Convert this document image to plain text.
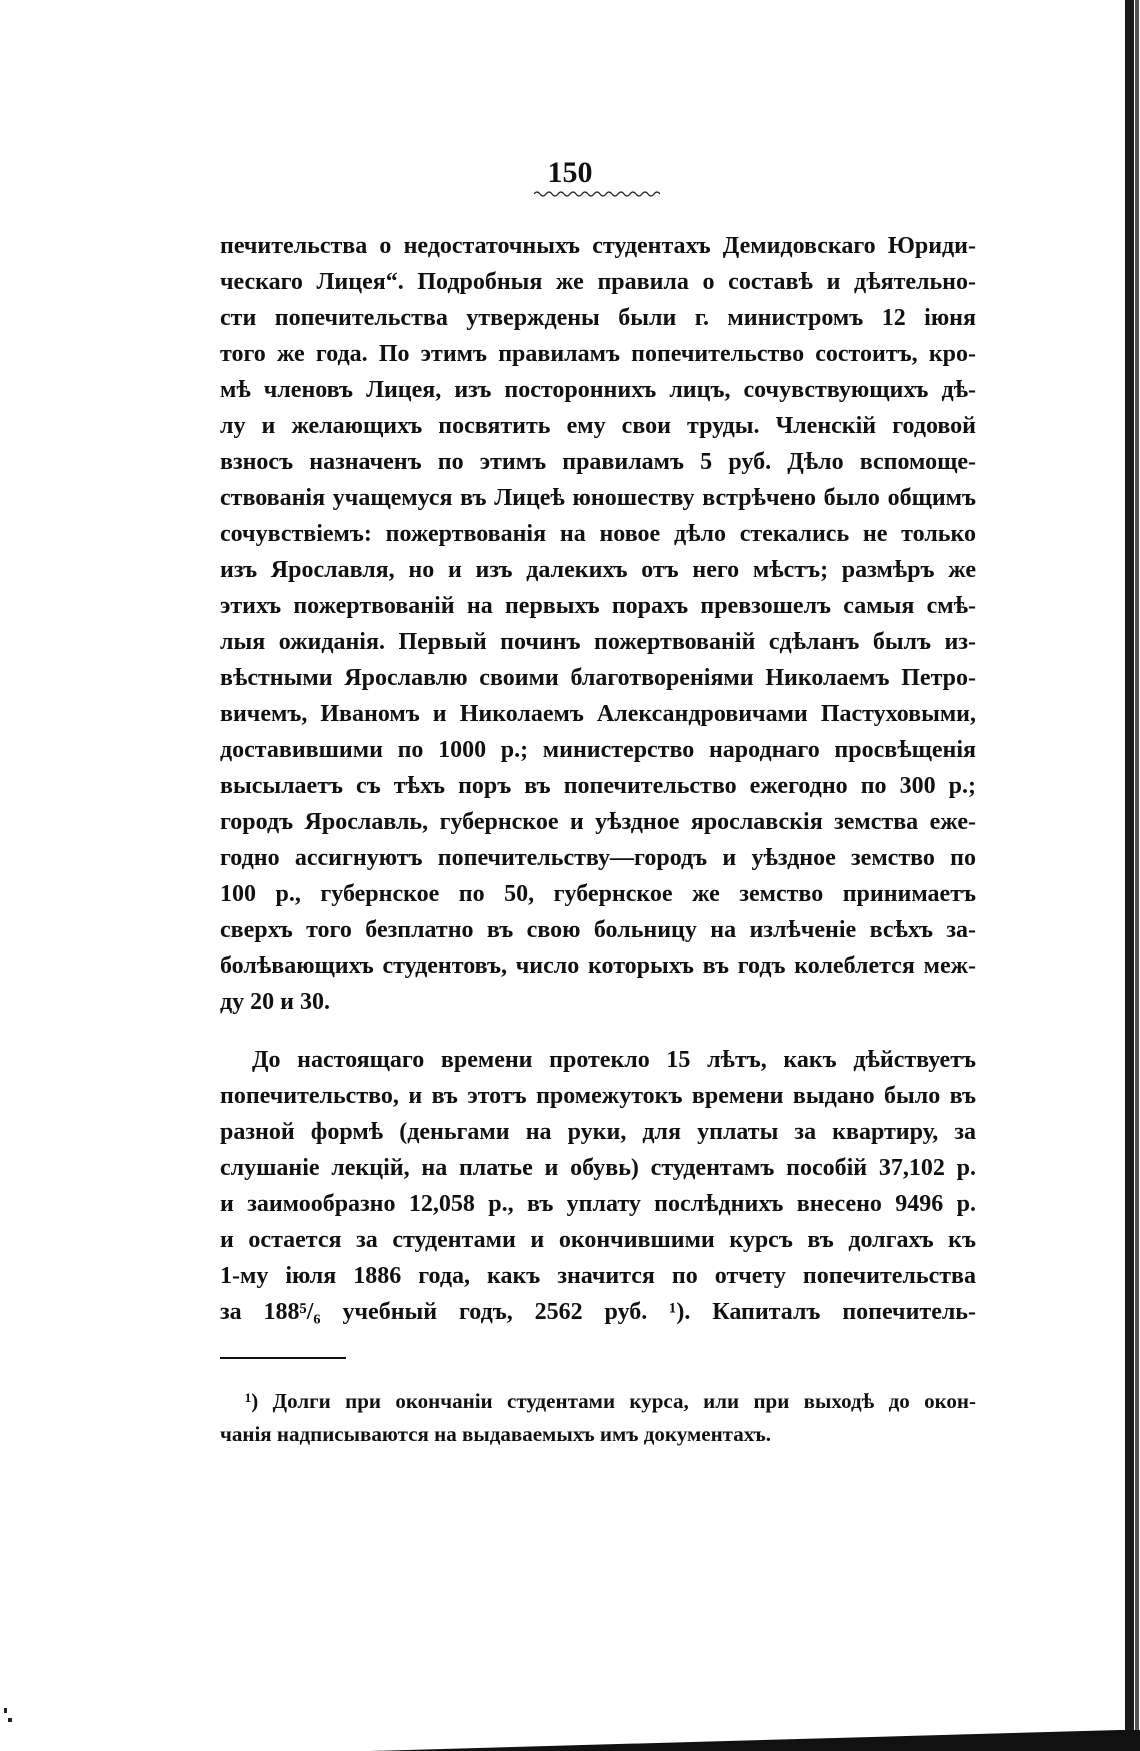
150
печительства о недостаточныхъ студентахъ Демидовскаго Юриди-
ческаго Лицея“. Подробныя же правила о составѣ и дѣятельно-
сти попечительства утверждены были г. министромъ 12 іюня
того же года. По этимъ правиламъ попечительство состоитъ, кро-
мѣ членовъ Лицея, изъ постороннихъ лицъ, сочувствующихъ дѣ-
лу и желающихъ посвятить ему свои труды. Членскій годовой
взносъ назначенъ по этимъ правиламъ 5 руб. Дѣло вспомоще-
ствованія учащемуся въ Лицеѣ юношеству встрѣчено было общимъ
сочувствіемъ: пожертвованія на новое дѣло стекались не только
изъ Ярославля, но и изъ далекихъ отъ него мѣстъ; размѣръ же
этихъ пожертвованій на первыхъ порахъ превзошелъ самыя смѣ-
лыя ожиданія. Первый починъ пожертвованій сдѣланъ былъ из-
вѣстными Ярославлю своими благотвореніями Николаемъ Петро-
вичемъ, Иваномъ и Николаемъ Александровичами Пастуховыми,
доставившими по 1000 р.; министерство народнаго просвѣщенія
высылаетъ съ тѣхъ поръ въ попечительство ежегодно по 300 р.;
городъ Ярославль, губернское и уѣздное ярославскія земства еже-
годно ассигнуютъ попечительству—городъ и уѣздное земство по
100 р., губернское по 50, губернское же земство принимаетъ
сверхъ того безплатно въ свою больницу на излѣченіе всѣхъ за-
болѣвающихъ студентовъ, число которыхъ въ годъ колеблется меж-
ду 20 и 30.
До настоящаго времени протекло 15 лѣтъ, какъ дѣйствуетъ
попечительство, и въ этотъ промежутокъ времени выдано было въ
разной формѣ (деньгами на руки, для уплаты за квартиру, за
слушаніе лекцій, на платье и обувь) студентамъ пособій 37,102 р.
и заимообразно 12,058 р., въ уплату послѣднихъ внесено 9496 р.
и остается за студентами и окончившими курсъ въ долгахъ къ
1-му іюля 1886 года, какъ значится по отчету попечительства
за 188⁵/₆ учебный годъ, 2562 руб. ¹). Капиталъ попечитель-
¹) Долги при окончаніи студентами курса, или при выходѣ до окон-
чанія надписываются на выдаваемыхъ имъ документахъ.
